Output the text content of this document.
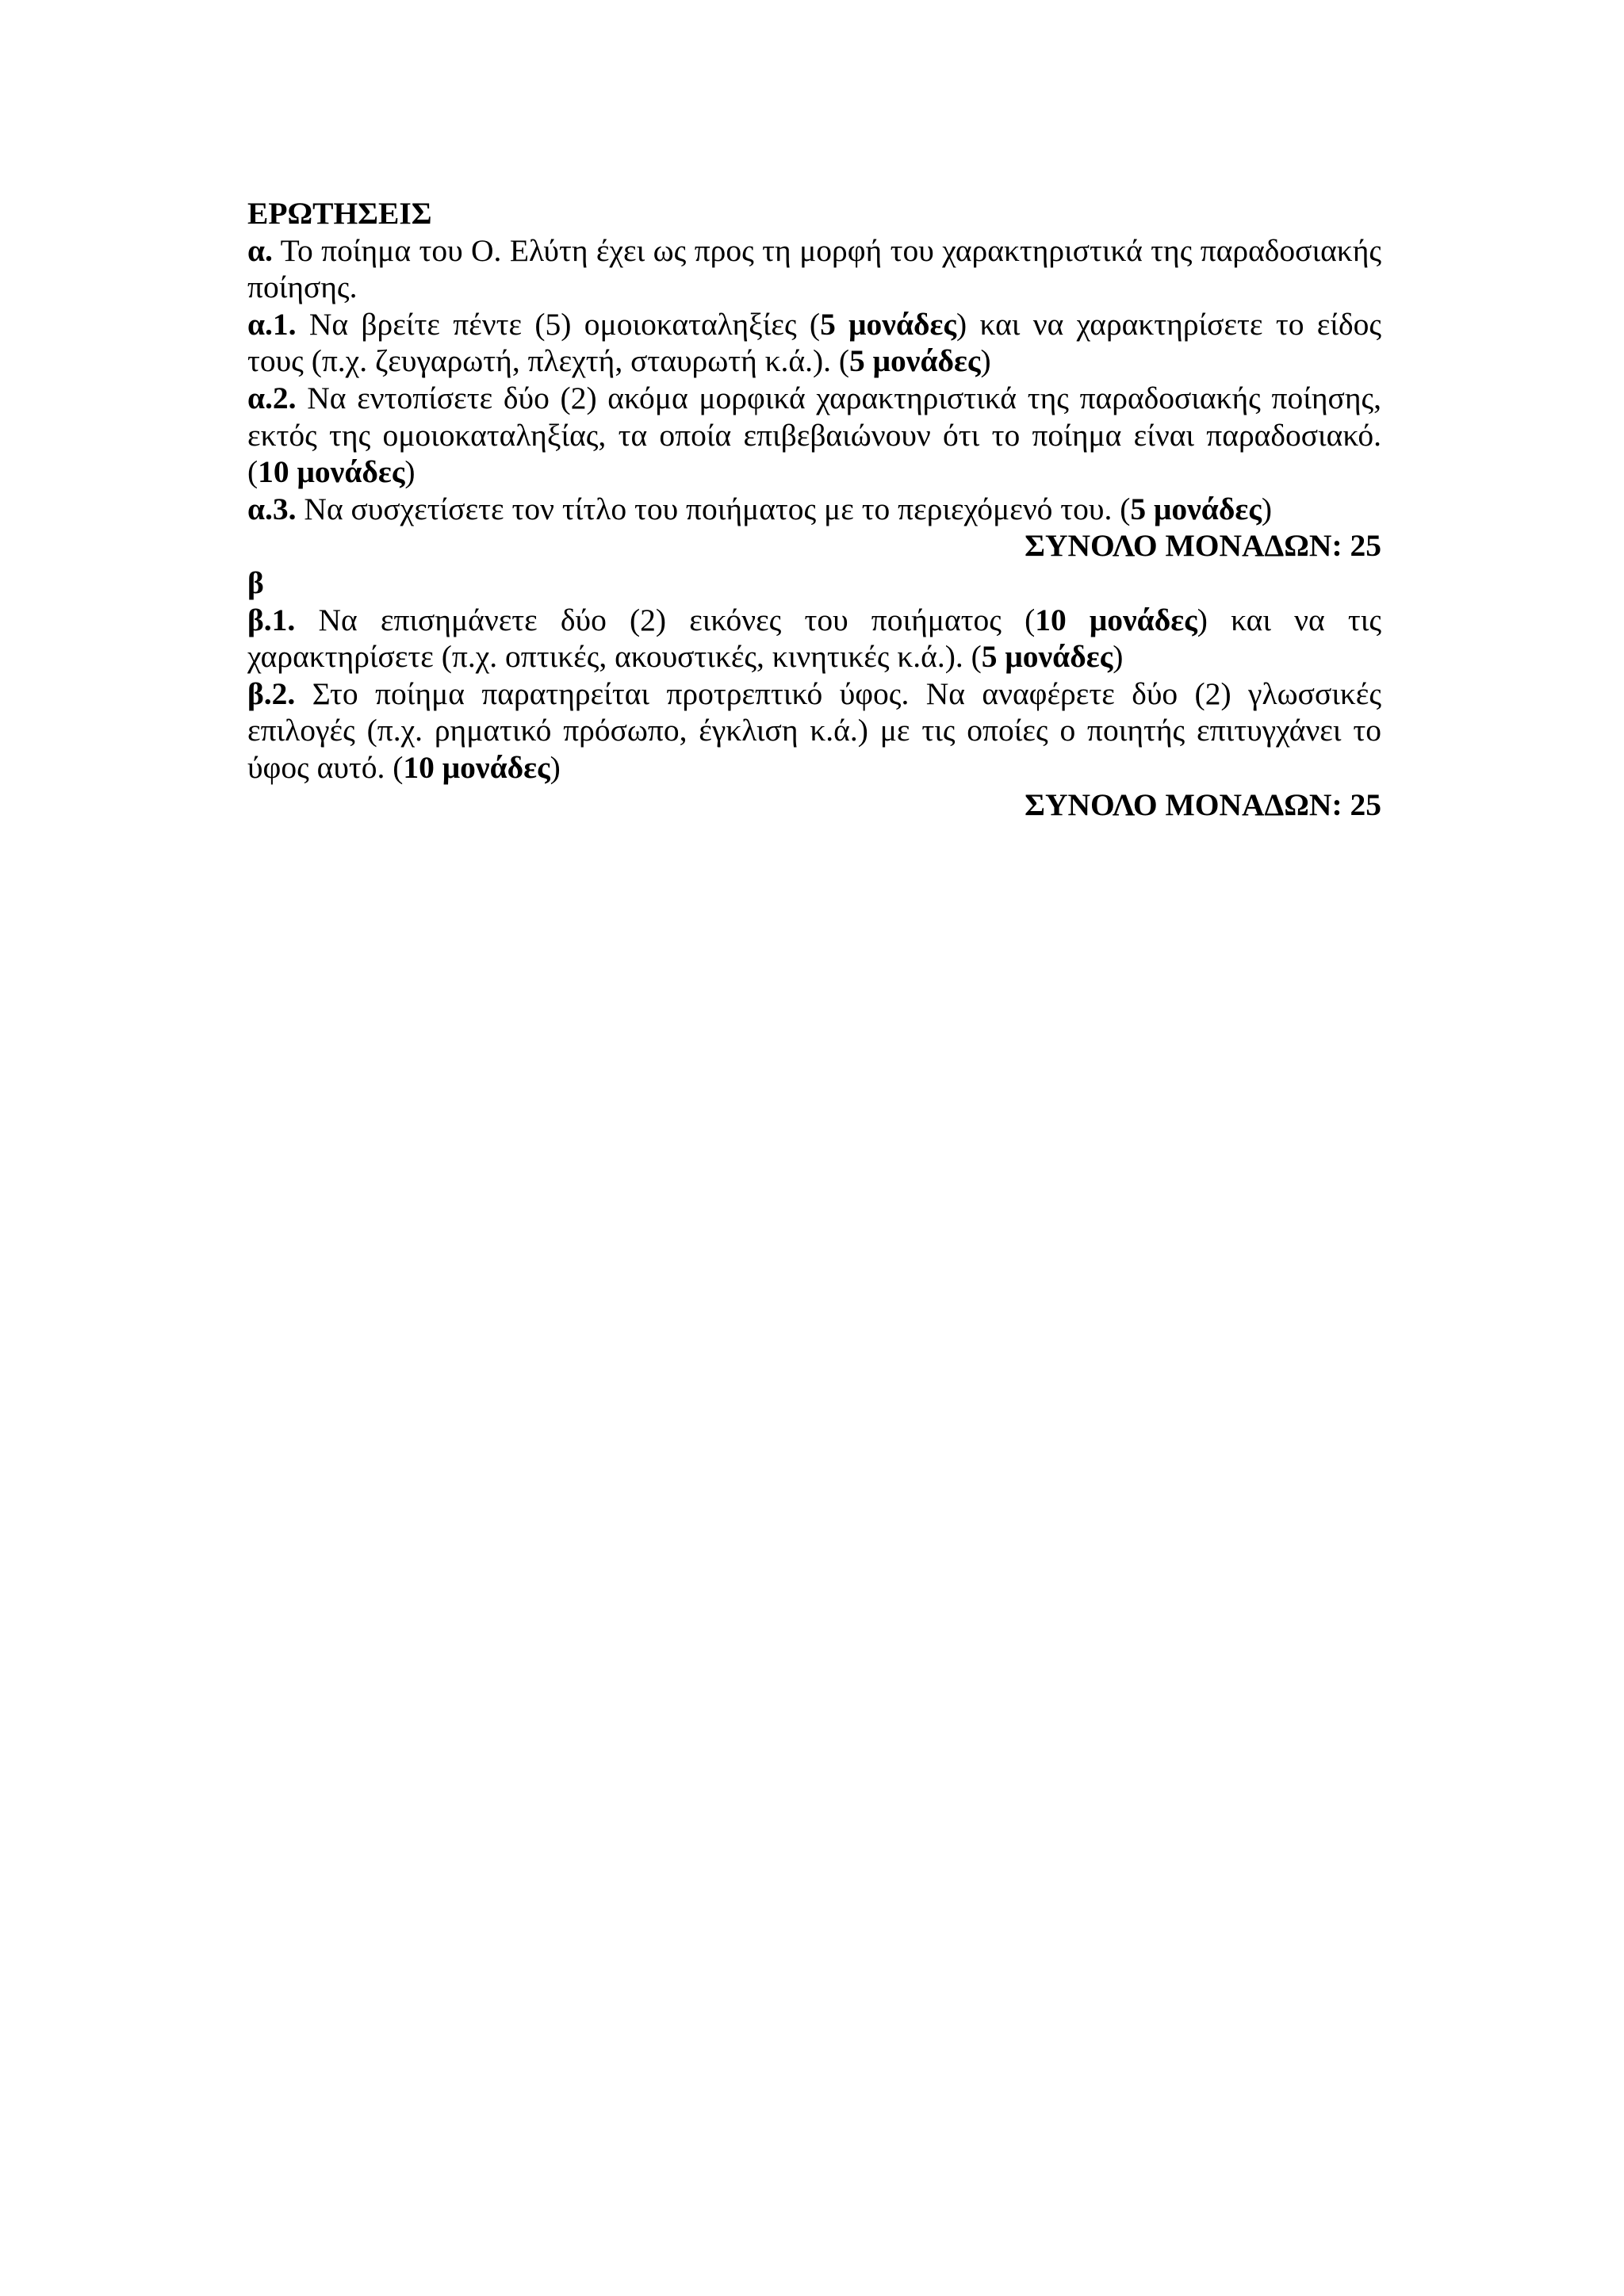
ΕΡΩΤΗΣΕΙΣ

α. Το ποίημα του Ο. Ελύτη έχει ως προς τη μορφή του χαρακτηριστικά της παραδοσιακής ποίησης.

α.1. Να βρείτε πέντε (5) ομοιοκαταληξίες (5 μονάδες) και να χαρακτηρίσετε το είδος τους (π.χ. ζευγαρωτή, πλεχτή, σταυρωτή κ.ά.). (5 μονάδες)

α.2. Να εντοπίσετε δύο (2) ακόμα μορφικά χαρακτηριστικά της παραδοσιακής ποίησης, εκτός της ομοιοκαταληξίας, τα οποία επιβεβαιώνουν ότι το ποίημα είναι παραδοσιακό. (10 μονάδες)

α.3. Να συσχετίσετε τον τίτλο του ποιήματος με το περιεχόμενό του. (5 μονάδες)

ΣΥΝΟΛΟ ΜΟΝΑΔΩΝ: 25

β

β.1. Να επισημάνετε δύο (2) εικόνες του ποιήματος (10 μονάδες) και να τις χαρακτηρίσετε (π.χ. οπτικές, ακουστικές, κινητικές κ.ά.). (5 μονάδες)

β.2. Στο ποίημα παρατηρείται προτρεπτικό ύφος. Να αναφέρετε δύο (2) γλωσσικές επιλογές (π.χ. ρηματικό πρόσωπο, έγκλιση κ.ά.) με τις οποίες ο ποιητής επιτυγχάνει το ύφος αυτό. (10 μονάδες)

ΣΥΝΟΛΟ ΜΟΝΑΔΩΝ: 25
